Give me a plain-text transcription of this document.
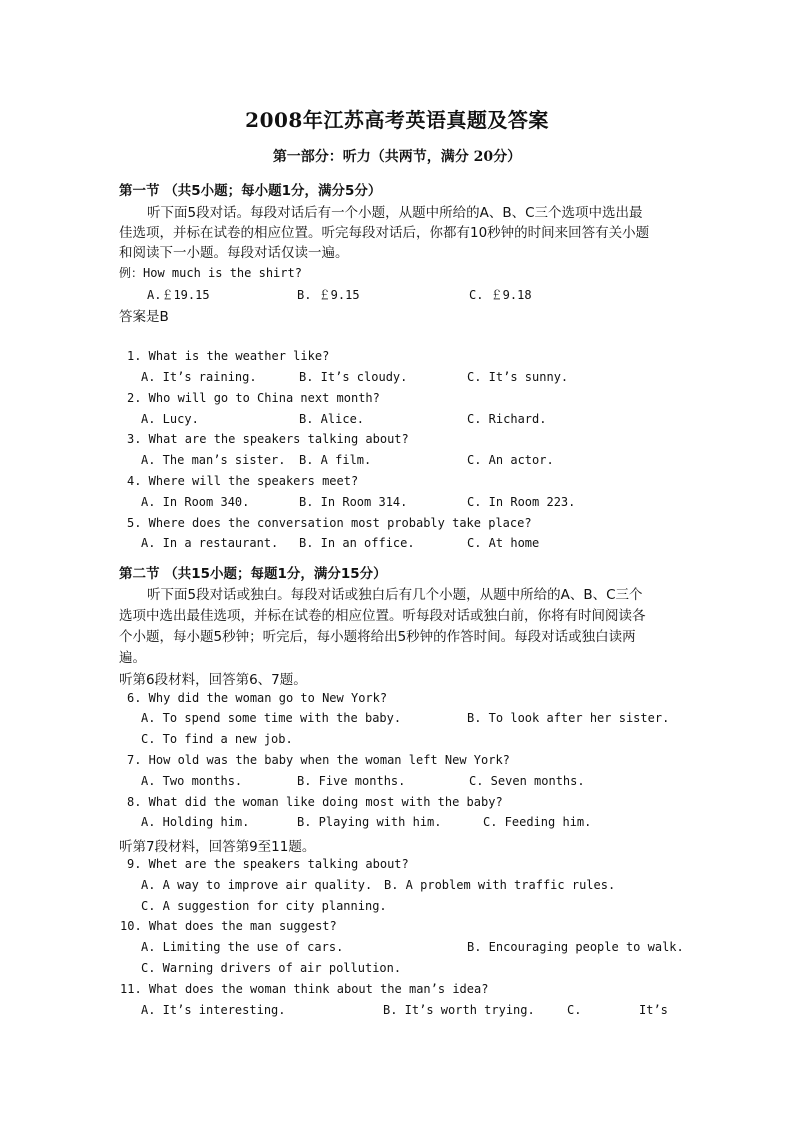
2008年江苏高考英语真题及答案
第一部分：听力（共两节，满分 20分）
第一节 （共5小题；每小题1分，满分5分）
听下面5段对话。每段对话后有一个小题，从题中所给的A、B、C三个选项中选出最
佳选项，并标在试卷的相应位置。听完每段对话后，你都有10秒钟的时间来回答有关小题
和阅读下一小题。每段对话仅读一遍。
例：How much is the shirt?
A.￡19.15	B. ￡9.15	C. ￡9.18
答案是B
1. What is the weather like?
A. It’s raining.	B. It’s cloudy.	C. It’s sunny.
2. Who will go to China next month?
A. Lucy.	B. Alice.	C. Richard.
3. What are the speakers talking about?
A. The man’s sister. B. A film.	C. An actor.
4. Where will the speakers meet?
A. In Room 340.	B. In Room 314.	C. In Room 223.
5. Where does the conversation most probably take place?
A. In a restaurant. B. In an office.	C. At home
第二节 （共15小题；每题1分，满分15分）
听下面5段对话或独白。每段对话或独白后有几个小题，从题中所给的A、B、C三个
选项中选出最佳选项，并标在试卷的相应位置。听每段对话或独白前，你将有时间阅读各
个小题，每小题5秒钟；听完后，每小题将给出5秒钟的作答时间。每段对话或独白读两
遍。
听第6段材料，回答第6、7题。
6. Why did the woman go to New York?
A. To spend some time with the baby.	B. To look after her sister.
C. To find a new job.
7. How old was the baby when the woman left New York?
A. Two months.	B. Five months.	C. Seven months.
8. What did the woman like doing most with the baby?
A. Holding him.	B. Playing with him.	C. Feeding him.
听第7段材料，回答第9至11题。
9. Whet are the speakers talking about?
A. A way to improve air quality. B. A problem with traffic rules.
C. A suggestion for city planning.
10. What does the man suggest?
A. Limiting the use of cars.	B. Encouraging people to walk.
C. Warning drivers of air pollution.
11. What does the woman think about the man’s idea?
A. It’s interesting.	B. It’s worth trying.	C.	It’s
